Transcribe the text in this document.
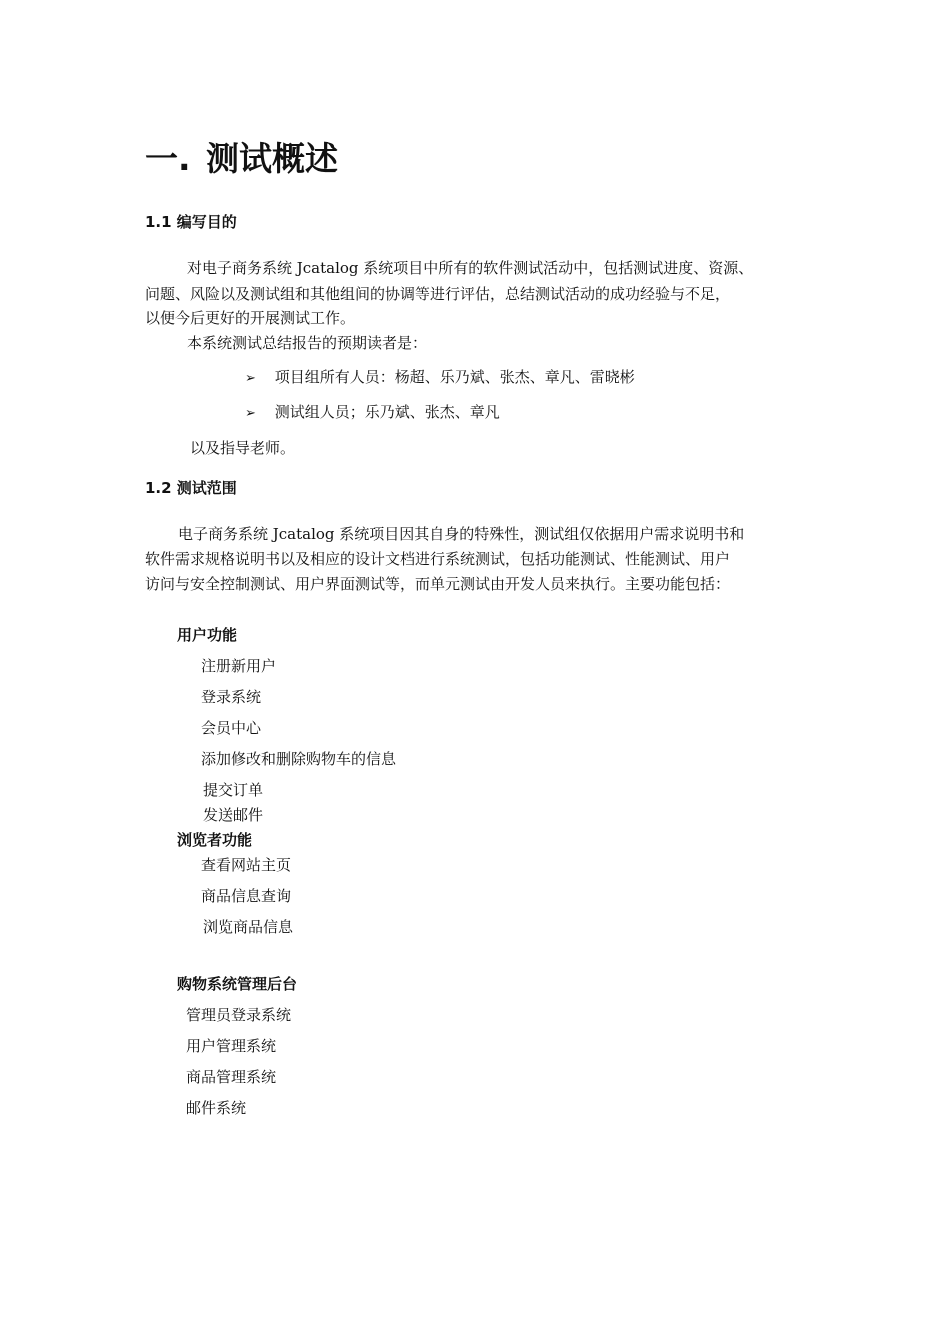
一. 测试概述
1.1 编写目的
对电子商务系统 Jcatalog 系统项目中所有的软件测试活动中，包括测试进度、资源、
问题、风险以及测试组和其他组间的协调等进行评估，总结测试活动的成功经验与不足，
以便今后更好的开展测试工作。
本系统测试总结报告的预期读者是：
➢ 项目组所有人员：杨超、乐乃斌、张杰、章凡、雷晓彬
➢ 测试组人员；乐乃斌、张杰、章凡
以及指导老师。
1.2 测试范围
电子商务系统 Jcatalog 系统项目因其自身的特殊性，测试组仅依据用户需求说明书和
软件需求规格说明书以及相应的设计文档进行系统测试，包括功能测试、性能测试、用户
访问与安全控制测试、用户界面测试等，而单元测试由开发人员来执行。主要功能包括：
用户功能
注册新用户
登录系统
会员中心
添加修改和删除购物车的信息
提交订单
发送邮件
浏览者功能
查看网站主页
商品信息查询
浏览商品信息
购物系统管理后台
管理员登录系统
用户管理系统
商品管理系统
邮件系统
